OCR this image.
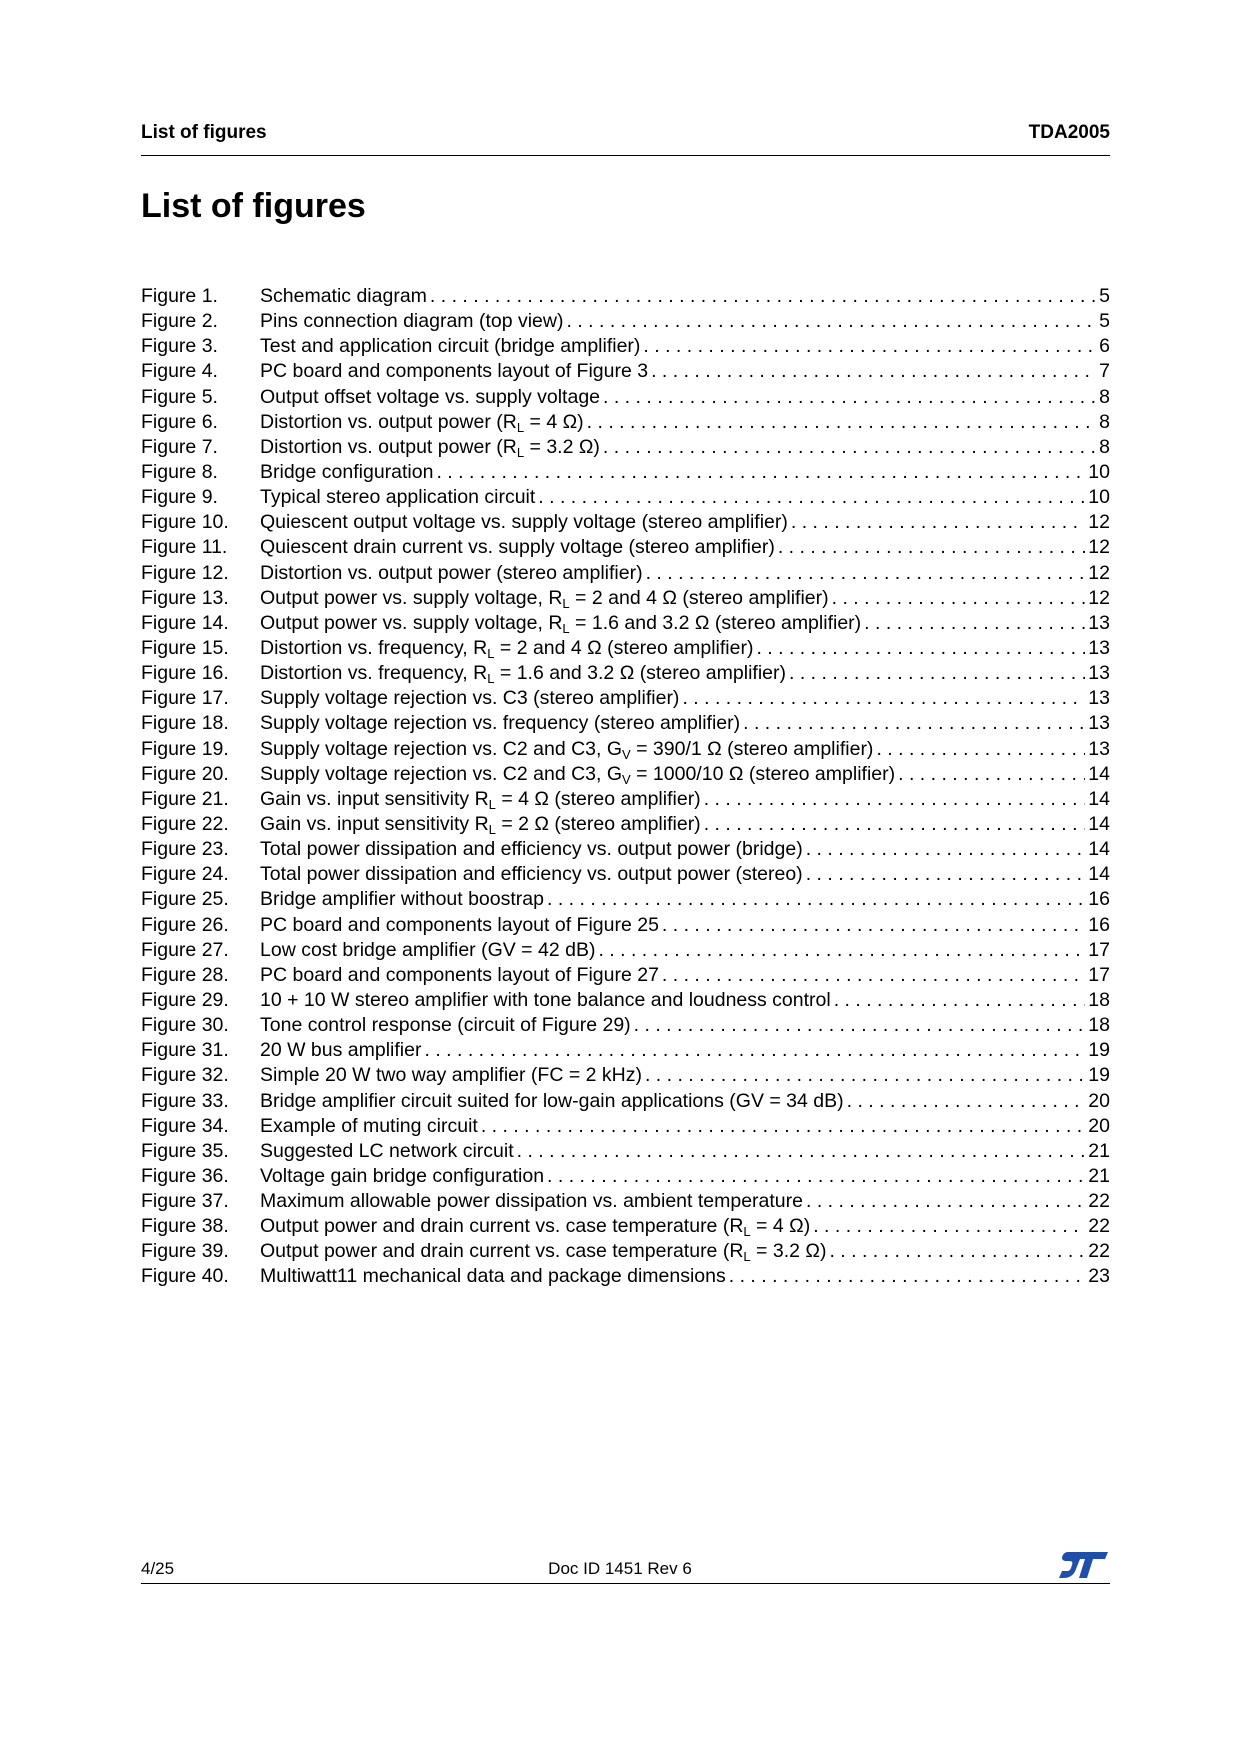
List of figures	TDA2005
List of figures
Figure 1.	Schematic diagram . . .	5
Figure 2.	Pins connection diagram (top view) . . .	5
Figure 3.	Test and application circuit (bridge amplifier) . . .	6
Figure 4.	PC board and components layout of Figure 3 . . .	7
Figure 5.	Output offset voltage vs. supply voltage . . .	8
Figure 6.	Distortion vs. output power ($R_L = 4$ Ω) . . .	8
Figure 7.	Distortion vs. output power ($R_L = 3.2$ Ω) . . .	8
Figure 8.	Bridge configuration . . .	10
Figure 9.	Typical stereo application circuit . . .	10
Figure 10.	Quiescent output voltage vs. supply voltage (stereo amplifier) . . .	12
Figure 11.	Quiescent drain current vs. supply voltage (stereo amplifier) . . .	12
Figure 12.	Distortion vs. output power (stereo amplifier) . . .	12
Figure 13.	Output power vs. supply voltage, $R_L = 2$ and 4 Ω (stereo amplifier) . . .	12
Figure 14.	Output power vs. supply voltage, $R_L = 1.6$ and 3.2 Ω (stereo amplifier) . . .	13
Figure 15.	Distortion vs. frequency, $R_L = 2$ and 4 Ω (stereo amplifier) . . .	13
Figure 16.	Distortion vs. frequency, $R_L = 1.6$ and 3.2 Ω (stereo amplifier) . . .	13
Figure 17.	Supply voltage rejection vs. C3 (stereo amplifier) . . .	13
Figure 18.	Supply voltage rejection vs. frequency (stereo amplifier) . . .	13
Figure 19.	Supply voltage rejection vs. C2 and C3, $G_V = 390/1$ Ω (stereo amplifier) . . .	13
Figure 20.	Supply voltage rejection vs. C2 and C3, $G_V = 1000/10$ Ω (stereo amplifier) . . .	14
Figure 21.	Gain vs. input sensitivity $R_L = 4$ Ω (stereo amplifier) . . .	14
Figure 22.	Gain vs. input sensitivity $R_L = 2$ Ω (stereo amplifier) . . .	14
Figure 23.	Total power dissipation and efficiency vs. output power (bridge) . . .	14
Figure 24.	Total power dissipation and efficiency vs. output power (stereo) . . .	14
Figure 25.	Bridge amplifier without boostrap . . .	16
Figure 26.	PC board and components layout of Figure 25 . . .	16
Figure 27.	Low cost bridge amplifier (GV = 42 dB) . . .	17
Figure 28.	PC board and components layout of Figure 27 . . .	17
Figure 29.	10 + 10 W stereo amplifier with tone balance and loudness control . . .	18
Figure 30.	Tone control response (circuit of Figure 29) . . .	18
Figure 31.	20 W bus amplifier . . .	19
Figure 32.	Simple 20 W two way amplifier (FC = 2 kHz) . . .	19
Figure 33.	Bridge amplifier circuit suited for low-gain applications (GV = 34 dB) . . .	20
Figure 34.	Example of muting circuit . . .	20
Figure 35.	Suggested LC network circuit . . .	21
Figure 36.	Voltage gain bridge configuration . . .	21
Figure 37.	Maximum allowable power dissipation vs. ambient temperature . . .	22
Figure 38.	Output power and drain current vs. case temperature ($R_L = 4$ Ω) . . .	22
Figure 39.	Output power and drain current vs. case temperature ($R_L = 3.2$ Ω) . . .	22
Figure 40.	Multiwatt11 mechanical data and package dimensions . . .	23
4/25	Doc ID 1451 Rev 6
